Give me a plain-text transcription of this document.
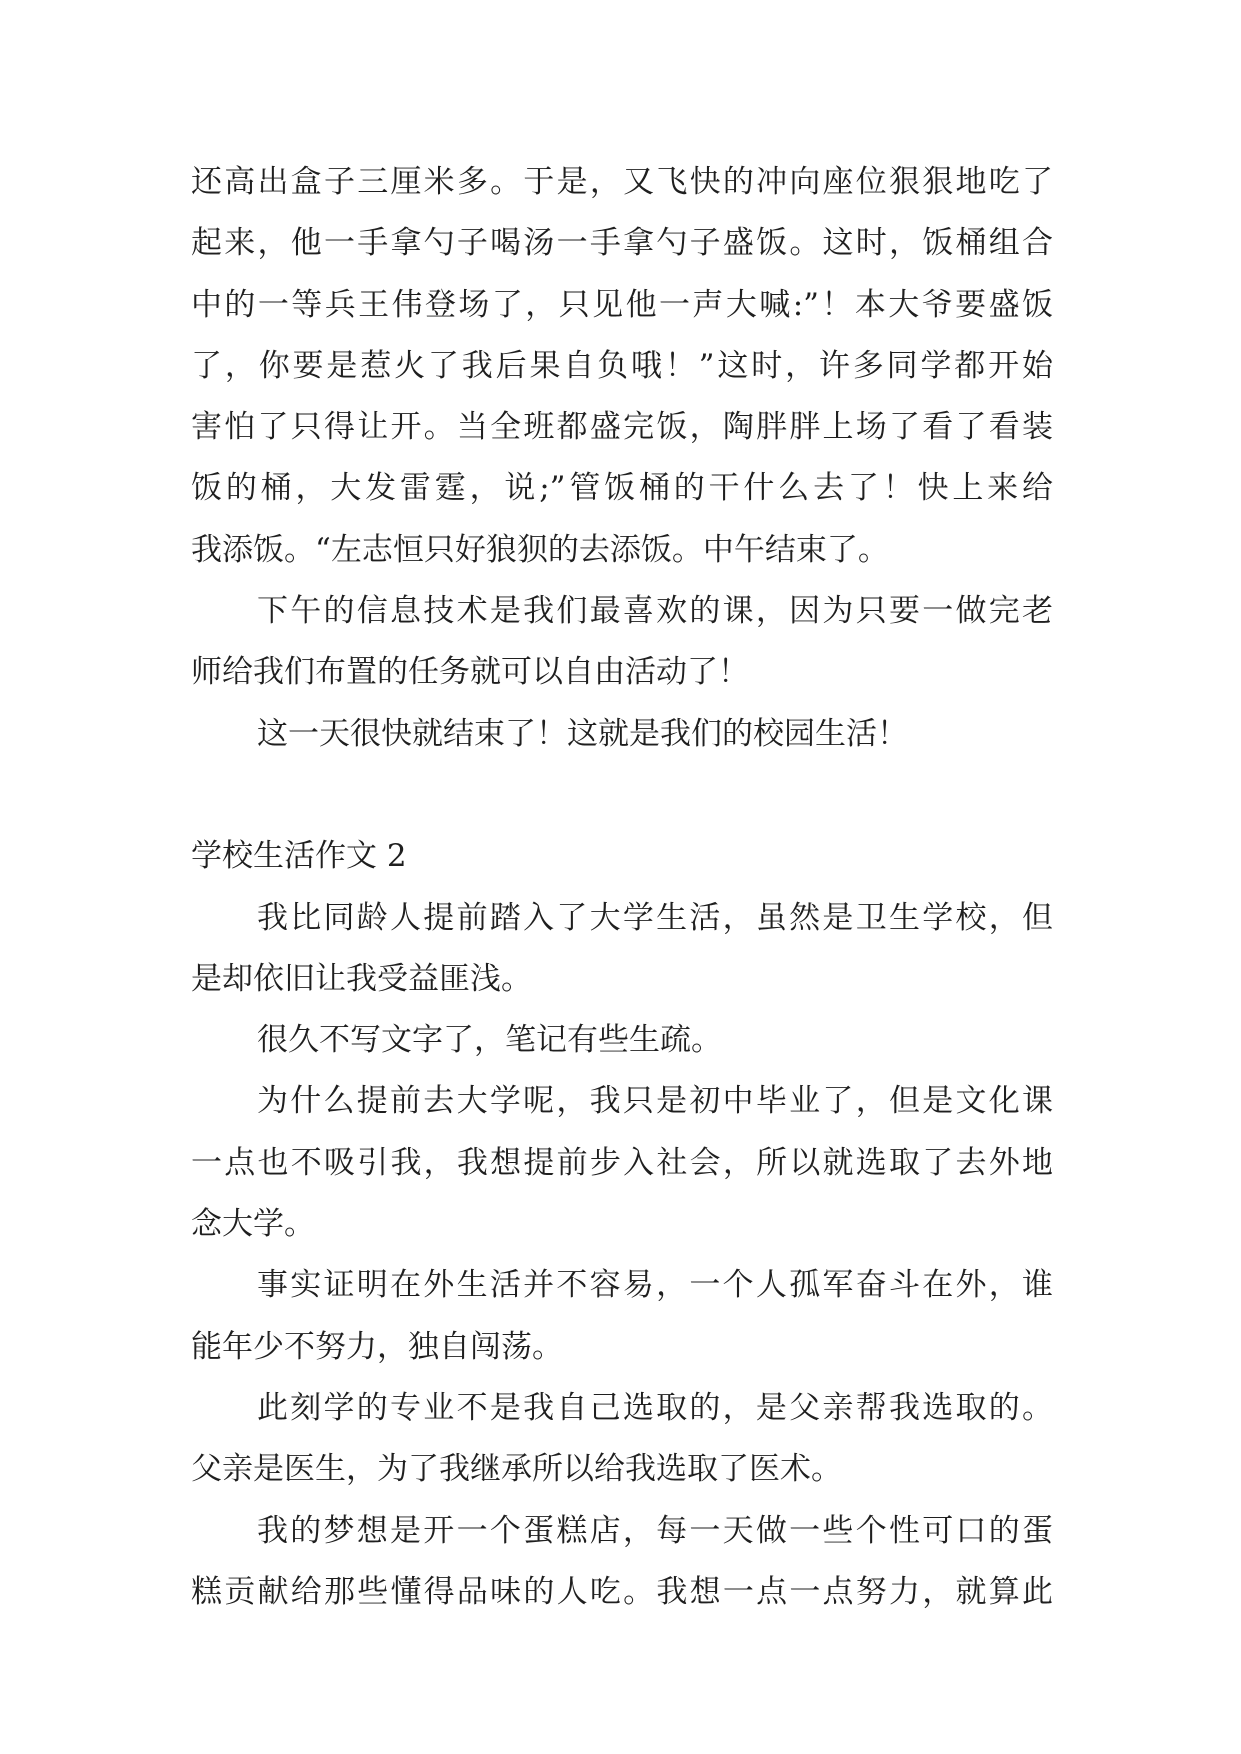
还高出盒子三厘米多。于是，又飞快的冲向座位狠狠地吃了
起来，他一手拿勺子喝汤一手拿勺子盛饭。这时，饭桶组合
中的一等兵王伟登场了，只见他一声大喊:”！本大爷要盛饭
了，你要是惹火了我后果自负哦！”这时，许多同学都开始
害怕了只得让开。当全班都盛完饭，陶胖胖上场了看了看装
饭的桶，大发雷霆，说;”管饭桶的干什么去了！快上来给
我添饭。“左志恒只好狼狈的去添饭。中午结束了。
下午的信息技术是我们最喜欢的课，因为只要一做完老
师给我们布置的任务就可以自由活动了！
这一天很快就结束了！这就是我们的校园生活！
学校生活作文 2
我比同龄人提前踏入了大学生活，虽然是卫生学校，但
是却依旧让我受益匪浅。
很久不写文字了，笔记有些生疏。
为什么提前去大学呢，我只是初中毕业了，但是文化课
一点也不吸引我，我想提前步入社会，所以就选取了去外地
念大学。
事实证明在外生活并不容易，一个人孤军奋斗在外，谁
能年少不努力，独自闯荡。
此刻学的专业不是我自己选取的，是父亲帮我选取的。
父亲是医生，为了我继承所以给我选取了医术。
我的梦想是开一个蛋糕店，每一天做一些个性可口的蛋
糕贡献给那些懂得品味的人吃。我想一点一点努力，就算此
